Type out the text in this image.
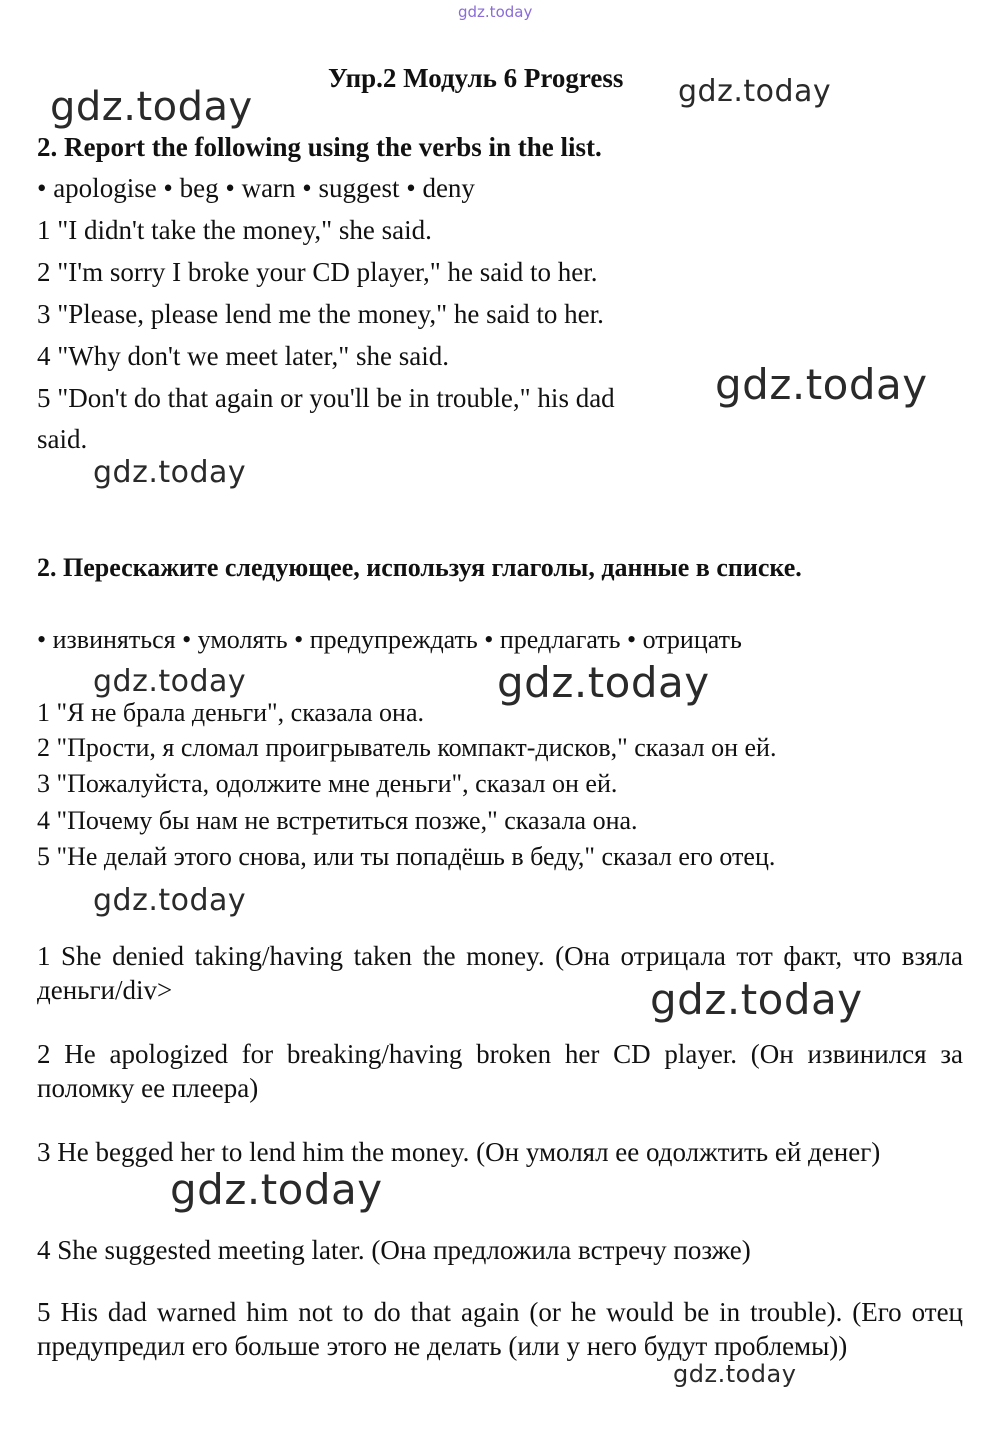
gdz.today
gdz.today	gdz.today
gdz.today
gdz.today
gdz.today	gdz.today
gdz.today
gdz.today
gdz.today
gdz.today
Упр.2 Модуль 6 Progress
2. Report the following using the verbs in the list.
• apologise • beg • warn • suggest • deny
1 "I didn't take the money," she said.
2 "I'm sorry I broke your CD player," he said to her.
3 "Please, please lend me the money," he said to her.
4 "Why don't we meet later," she said.
5 "Don't do that again or you'll be in trouble," his dad
said.
2. Перескажите следующее, используя глаголы, данные в списке.
• извиняться • умолять • предупреждать • предлагать • отрицать
1 "Я не брала деньги", сказала она.
2 "Прости, я сломал проигрыватель компакт-дисков," сказал он ей.
3 "Пожалуйста, одолжите мне деньги", сказал он ей.
4 "Почему бы нам не встретиться позже," сказала она.
5 "Не делай этого снова, или ты попадёшь в беду," сказал его отец.
1 She denied taking/having taken the money. (Она отрицала тот факт, что взяла деньги/div>
2 He apologized for breaking/having broken her CD player. (Он извинился за поломку ее плеера)
3 He begged her to lend him the money. (Он умолял ее одолжтить ей денег)
4 She suggested meeting later. (Она предложила встречу позже)
5 His dad warned him not to do that again (or he would be in trouble). (Его отец предупредил его больше этого не делать (или у него будут проблемы))
